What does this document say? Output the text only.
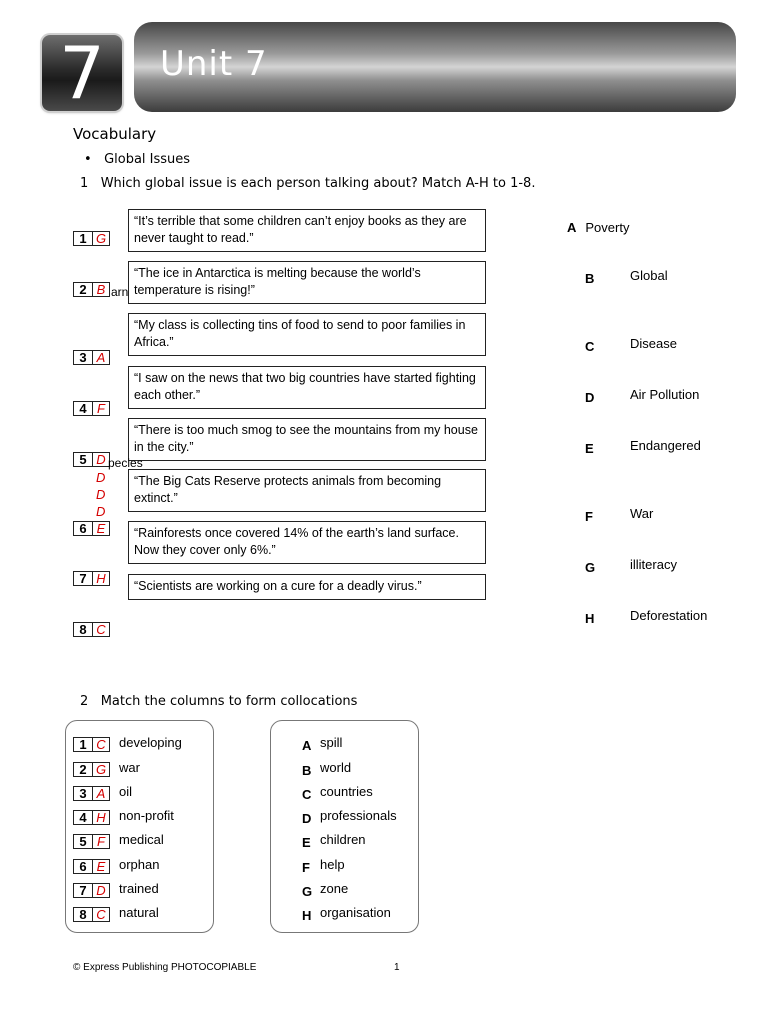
7	Unit 7
Vocabulary
• Global Issues
1 Which global issue is each person talking about? Match A-H to 1-8.
“It’s terrible that some children can’t enjoy books as they are never taught to read.”
“The ice in Antarctica is melting because the world’s temperature is rising!”
“My class is collecting tins of food to send to poor families in Africa.”
“I saw on the news that two big countries have started fighting each other.”
“There is too much smog to see the mountains from my house in the city.”
“The Big Cats Reserve protects animals from becoming extinct.”
“Rainforests once covered 14% of the earth’s land surface. Now they cover only 6%.”
“Scientists are working on a cure for a deadly virus.”
1 G
2 B
3 A
4 F
5 D
6 E
7 H
8 C
arn
pecies
D
D
D
A Poverty
B	Global
C	Disease
D	Air Pollution
E	Endangered
F	War
G	illiteracy
H	Deforestation
2 Match the columns to form collocations
1 C developing
2 G war
3 A oil
4 H non-profit
5 F	medical
6 E orphan
7 D trained
8 C natural
A spill
B world
C countries
D professionals
E children
F help
G zone
H organisation
© Express Publishing PHOTOCOPIABLE	1
